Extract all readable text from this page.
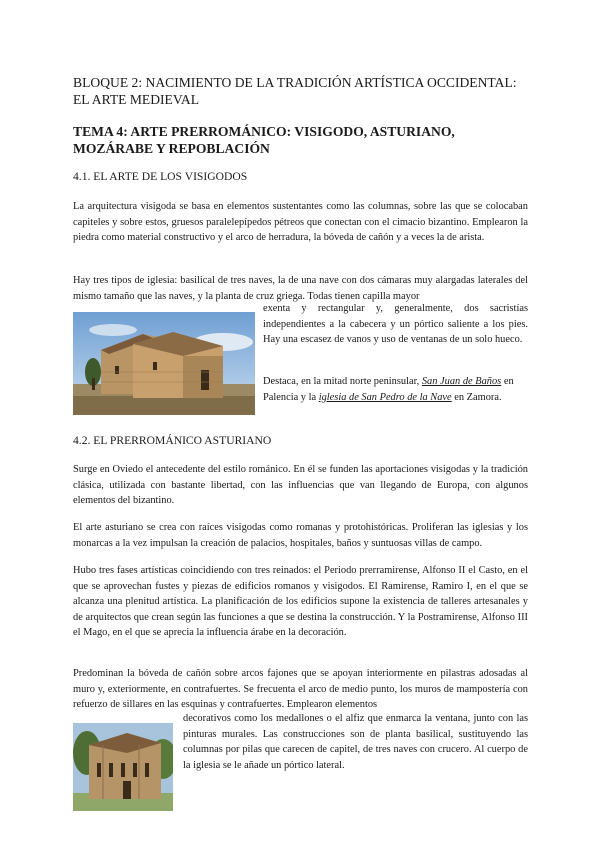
BLOQUE 2: NACIMIENTO DE LA TRADICIÓN ARTÍSTICA OCCIDENTAL: EL ARTE MEDIEVAL
TEMA 4: ARTE PRERROMÁNICO: VISIGODO, ASTURIANO, MOZÁRABE Y REPOBLACIÓN
4.1. EL ARTE DE LOS VISIGODOS
La arquitectura visigoda se basa en elementos sustentantes como las columnas, sobre las que se colocaban capiteles y sobre estos, gruesos paralelepípedos pétreos que conectan con el cimacio bizantino. Emplearon la piedra como material constructivo y el arco de herradura, la bóveda de cañón y a veces la de arista.
Hay tres tipos de iglesia: basilical de tres naves, la de una nave con dos cámaras muy alargadas laterales del mismo tamaño que las naves, y la planta de cruz griega. Todas tienen capilla mayor
exenta y rectangular y, generalmente, dos sacristías independientes a la cabecera y un pórtico saliente a los pies. Hay una escasez de vanos y uso de ventanas de un solo hueco.
Destaca, en la mitad norte peninsular, San Juan de Baños en Palencia y la iglesia de San Pedro de la Nave en Zamora.
4.2. EL PRERROMÁNICO ASTURIANO
Surge en Oviedo el antecedente del estilo románico. En él se funden las aportaciones visigodas y la tradición clásica, utilizada con bastante libertad, con las influencias que van llegando de Europa, con algunos elementos del bizantino.
El arte asturiano se crea con raíces visigodas como romanas y protohistóricas. Proliferan las iglesias y los monarcas a la vez impulsan la creación de palacios, hospitales, baños y suntuosas villas de campo.
Hubo tres fases artísticas coincidiendo con tres reinados: el Periodo prerramirense, Alfonso II el Casto, en el que se aprovechan fustes y piezas de edificios romanos y visigodos. El Ramirense, Ramiro I, en el que se alcanza una plenitud artística. La planificación de los edificios supone la existencia de talleres artesanales y de arquitectos que crean según las funciones a que se destina la construcción. Y la Postramirense, Alfonso III el Mago, en el que se aprecia la influencia árabe en la decoración.
Predominan la bóveda de cañón sobre arcos fajones que se apoyan interiormente en pilastras adosadas al muro y, exteriormente, en contrafuertes. Se frecuenta el arco de medio punto, los muros de mampostería con refuerzo de sillares en las esquinas y contrafuertes. Emplearon elementos
decorativos como los medallones o el alfiz que enmarca la ventana, junto con las pinturas murales. Las construcciones son de planta basilical, sustituyendo las columnas por pilas que carecen de capitel, de tres naves con crucero. Al cuerpo de la iglesia se le añade un pórtico lateral.
